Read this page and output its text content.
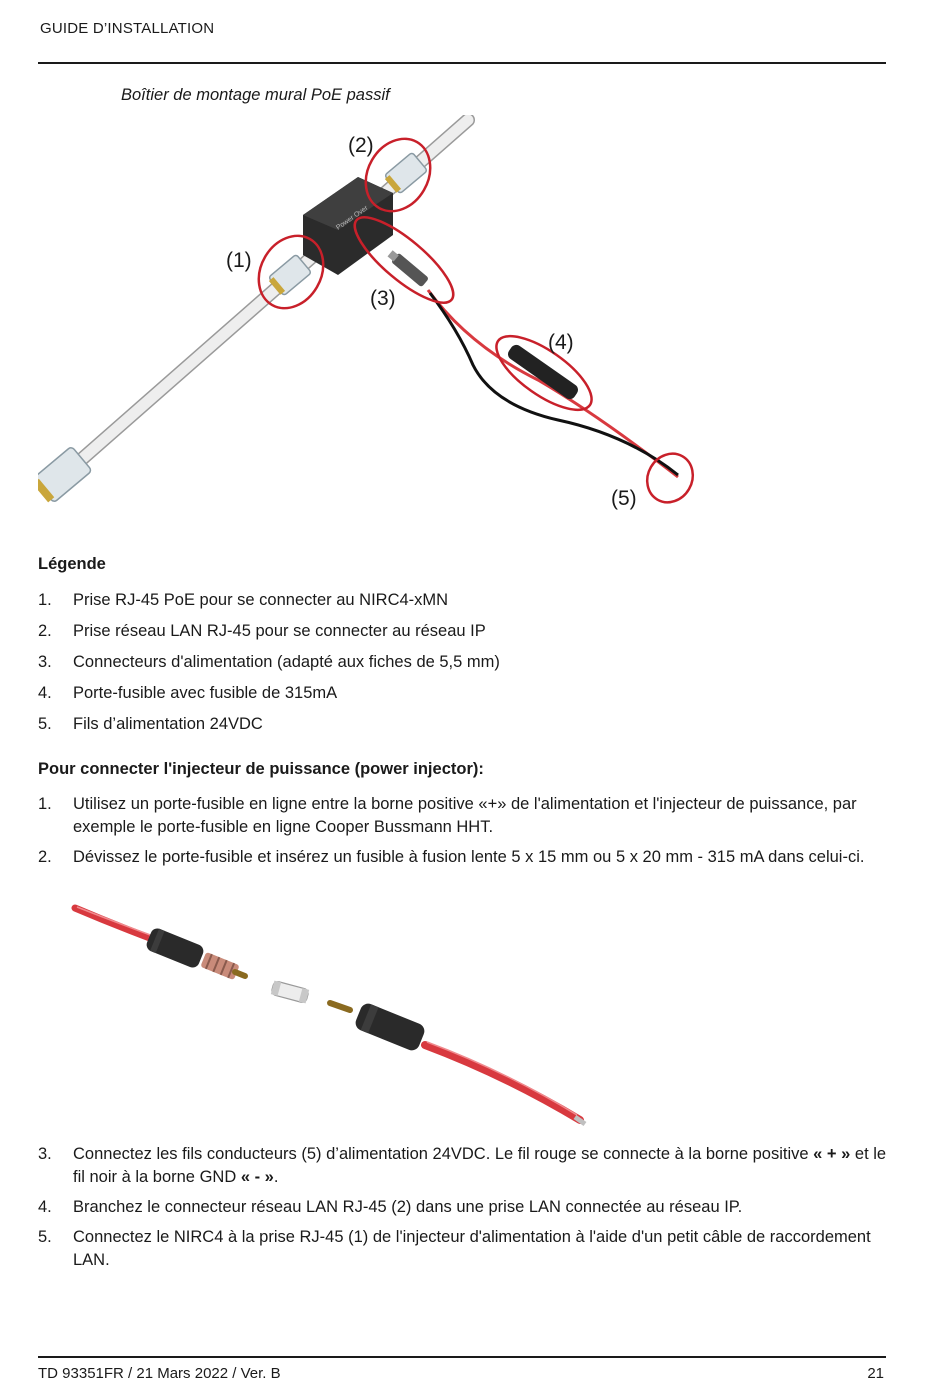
GUIDE D’INSTALLATION
Boîtier de montage mural PoE passif
Power Over
(1)
(2)
(3)
(4)
(5)
Légende
1. Prise RJ-45 PoE pour se connecter au NIRC4-xMN
2. Prise réseau LAN RJ-45 pour se connecter au réseau IP
3. Connecteurs d'alimentation (adapté aux fiches de 5,5 mm)
4. Porte-fusible avec fusible de 315mA
5. Fils d’alimentation 24VDC
Pour connecter l'injecteur de puissance (power injector):
1. Utilisez un porte-fusible en ligne entre la borne positive «+» de l'alimentation et l'injecteur de puissance, par exemple le porte-fusible en ligne Cooper Bussmann HHT.
2. Dévissez le porte-fusible et insérez un fusible à fusion lente 5 x 15 mm ou 5 x 20 mm - 315 mA dans celui-ci.
3. Connectez les fils conducteurs (5) d’alimentation 24VDC. Le fil rouge se connecte à la borne positive « + » et le fil noir à la borne GND « - ».
4. Branchez le connecteur réseau LAN RJ-45 (2) dans une prise LAN connectée au réseau IP.
5. Connectez le NIRC4 à la prise RJ-45 (1) de l'injecteur d'alimentation à l'aide d'un petit câble de raccordement LAN.
TD 93351FR / 21 Mars 2022 / Ver. B	21
